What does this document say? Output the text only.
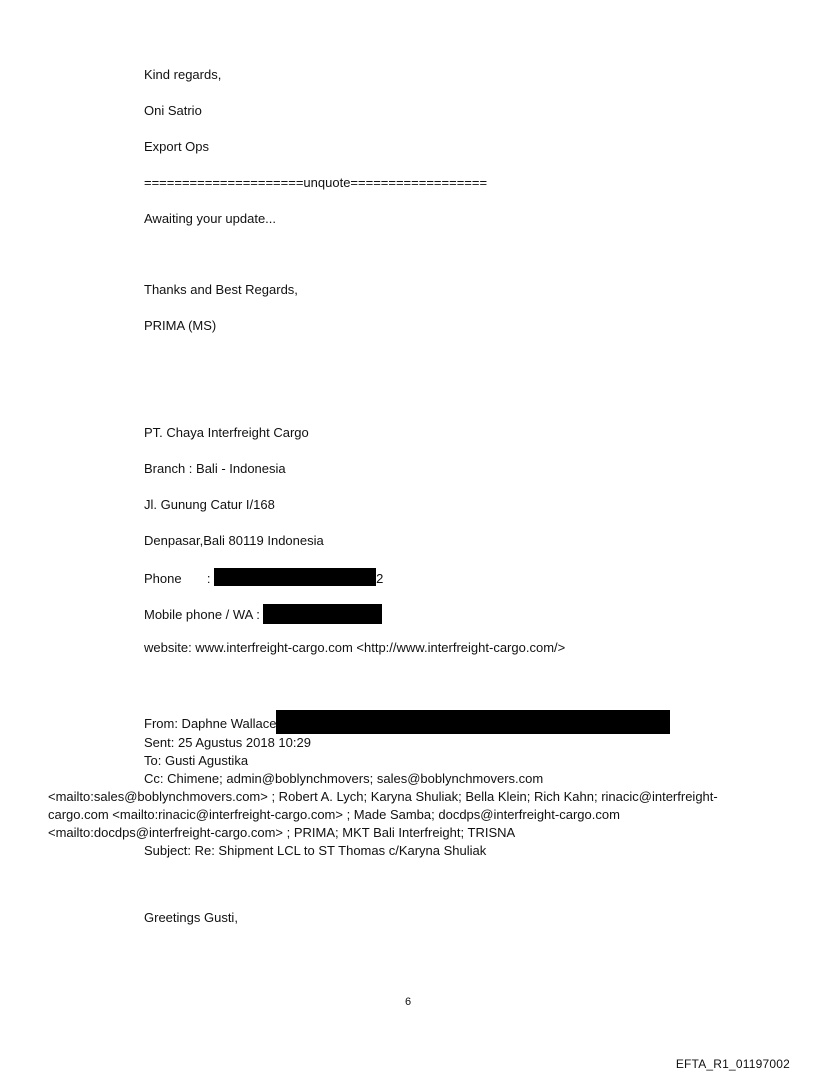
Kind regards,
Oni Satrio
Export Ops
=====================unquote==================
Awaiting your update...
Thanks and Best Regards,
PRIMA (MS)
PT. Chaya Interfreight Cargo
Branch : Bali - Indonesia
Jl. Gunung Catur I/168
Denpasar,Bali 80119 Indonesia
Phone       :	2
Mobile phone / WA :
website: www.interfreight-cargo.com <http://www.interfreight-cargo.com/>
From: Daphne Wallace
Sent: 25 Agustus 2018 10:29
To: Gusti Agustika
Cc: Chimene; admin@boblynchmovers; sales@boblynchmovers.com
<mailto:sales@boblynchmovers.com> ; Robert A. Lych; Karyna Shuliak; Bella Klein; Rich Kahn; rinacic@interfreight-
cargo.com <mailto:rinacic@interfreight-cargo.com> ; Made Samba; docdps@interfreight-cargo.com
<mailto:docdps@interfreight-cargo.com> ; PRIMA; MKT Bali Interfreight; TRISNA
Subject: Re: Shipment LCL to ST Thomas c/Karyna Shuliak
Greetings Gusti,
6
EFTA_R1_01197002
